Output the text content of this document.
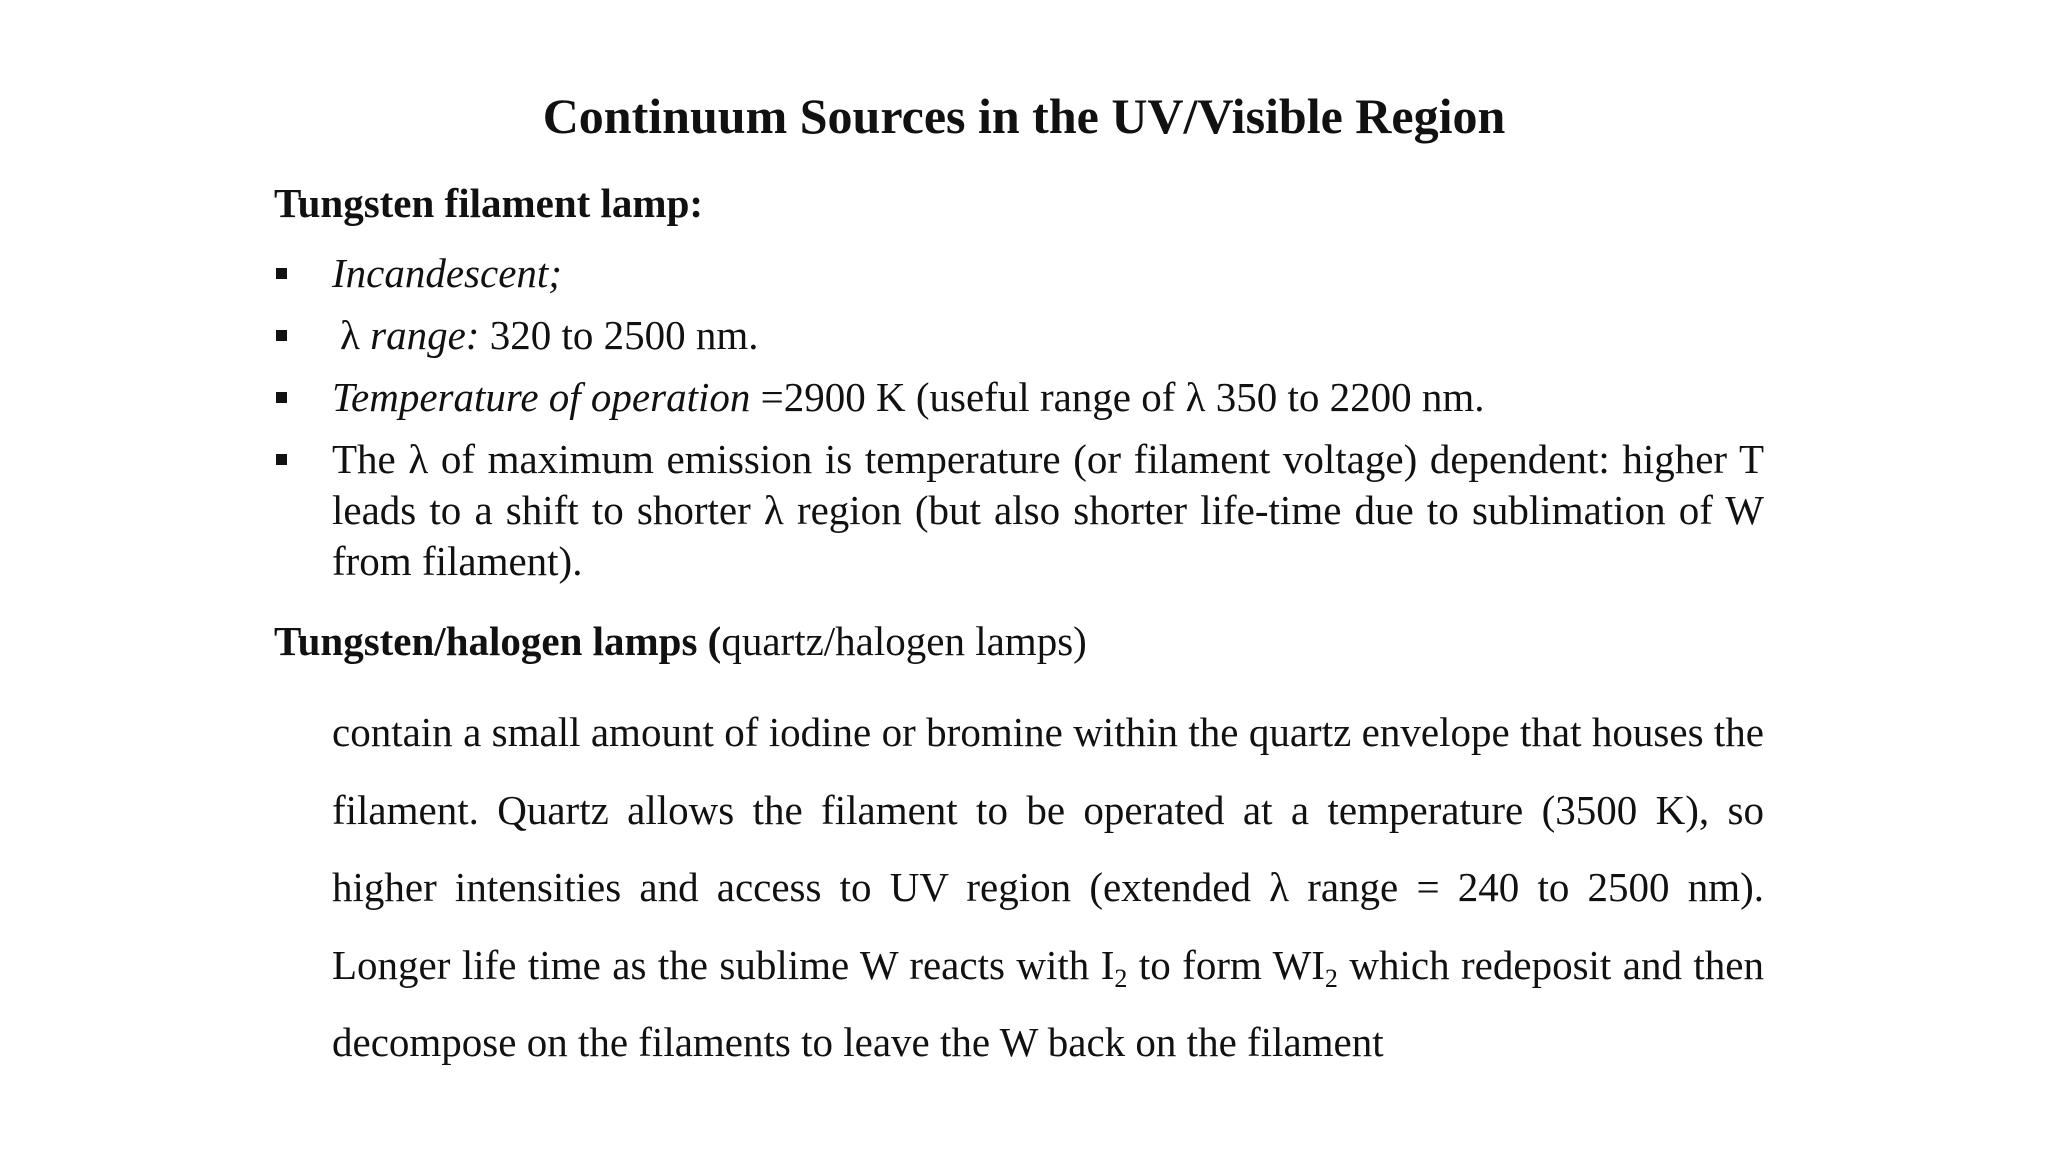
Continuum Sources in the UV/Visible Region

Tungsten filament lamp:

Incandescent;
λ range: 320 to 2500 nm.
Temperature of operation =2900 K (useful range of λ 350 to 2200 nm.
The λ of maximum emission is temperature (or filament voltage) dependent: higher T leads to a shift to shorter λ region (but also shorter life-time due to sublimation of W from filament).

Tungsten/halogen lamps (quartz/halogen lamps)

contain a small amount of iodine or bromine within the quartz envelope that houses the filament. Quartz allows the filament to be operated at a temperature (3500 K), so higher intensities and access to UV region (extended λ range = 240 to 2500 nm). Longer life time as the sublime W reacts with $I_2$ to form $WI_2$ which redeposit and then decompose on the filaments to leave the W back on the filament
